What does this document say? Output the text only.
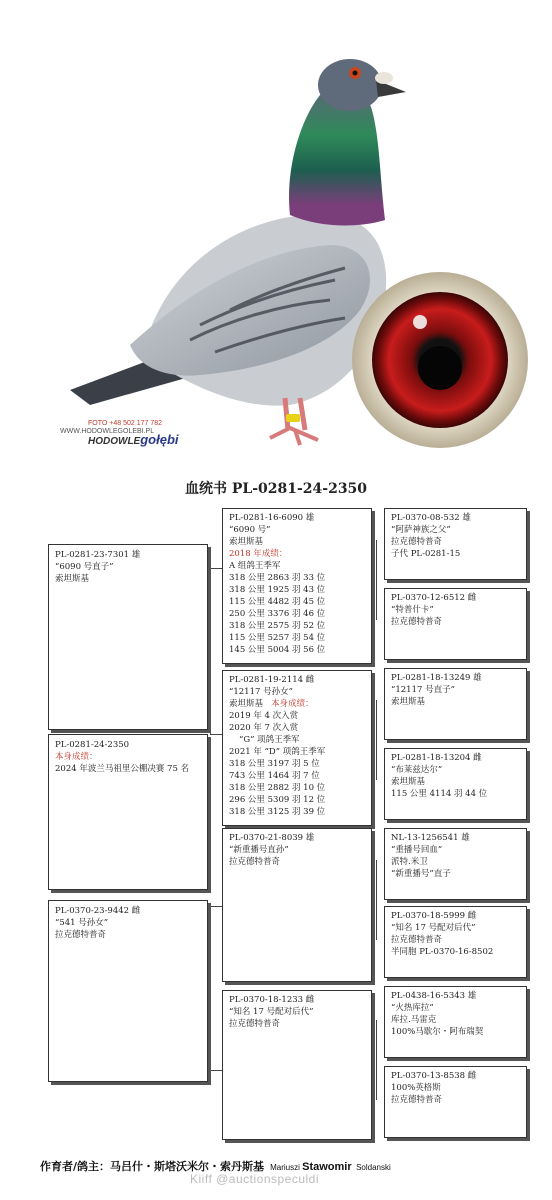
FOTO +48 502 177 782
WWW.HODOWLEGOLEBI.PL
HODOWLEgołębi
血统书 PL-0281-24-2350
PL-0281-23-7301 雄
“6090 号直子”
索坦斯基
PL-0281-24-2350
本身成绩：
2024 年波兰马祖里公棚决赛 75 名
PL-0370-23-9442 雌
“541 号孙女”
拉克德特普奇
PL-0281-16-6090 雄
“6090 号”
索坦斯基
2018 年成绩：
A 组鸽王季军
318 公里 2863 羽 33 位
318 公里 1925 羽 43 位
115 公里 4482 羽 45 位
250 公里 3376 羽 46 位
318 公里 2575 羽 52 位
115 公里 5257 羽 54 位
145 公里 5004 羽 56 位
PL-0281-19-2114 雌
“12117 号孙女”
索坦斯基 本身成绩：
2019 年 4 次入赏
2020 年 7 次入赏
“G” 项鸽王季军
2021 年 “D” 项鸽王季军
318 公里 3197 羽 5 位
743 公里 1464 羽 7 位
318 公里 2882 羽 10 位
296 公里 5309 羽 12 位
318 公里 3125 羽 39 位
PL-0370-21-8039 雄
“新重播号直孙”
拉克德特普奇
PL-0370-18-1233 雌
“知名 17 号配对后代”
拉克德特普奇
PL-0370-08-532 雄
“阿萨神族之父”
拉克德特普奇
子代 PL-0281-15
PL-0370-12-6512 雌
“特普什卡”
拉克德特普奇
PL-0281-18-13249 雄
“12117 号直子”
索坦斯基
PL-0281-18-13204 雌
“布莱兹达尔”
索坦斯基
115 公里 4114 羽 44 位
NL-13-1256541 雄
“重播号回血”
派特.米卫
“新重播号”直子
PL-0370-18-5999 雌
“知名 17 号配对后代”
拉克德特普奇
半同胞 PL-0370-16-8502
PL-0438-16-5343 雄
“火热库拉”
库拉.马雷克
100%马歇尔・阿布瑞契
PL-0370-13-8538 雌
100%英格斯
拉克德特普奇
作育者/鸽主：马吕什・斯塔沃米尔・索丹斯基 Mariuszi Stawomir Soldanski
Kiiff @auctionspeculdi
